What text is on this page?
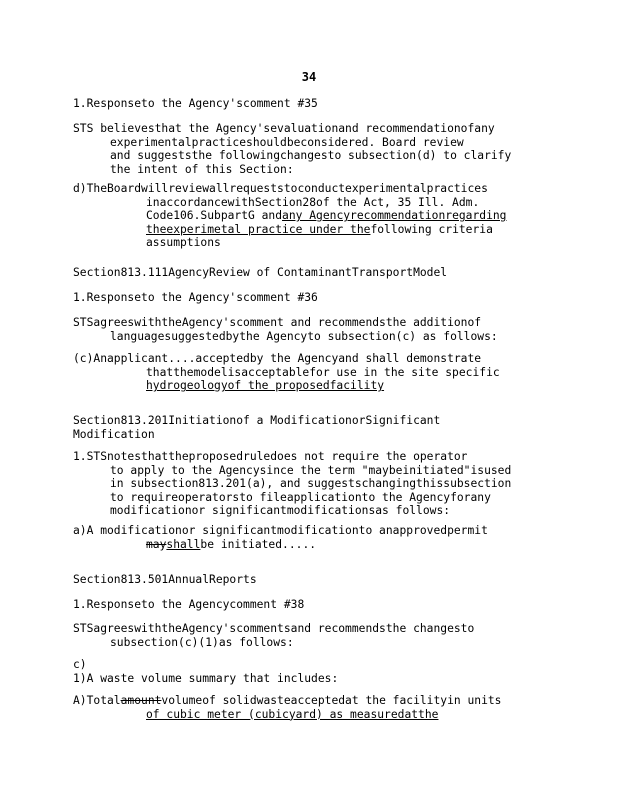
34
1.Responseto the Agency'scomment #35
STS believesthat the Agency'sevaluationand recommendationofany
experimentalpracticeshouldbeconsidered. Board review
and suggeststhe followingchangesto subsection(d) to clarify
the intent of this Section:
d)TheBoardwillreviewallrequeststoconductexperimentalpractices
inaccordancewithSection28of the Act, 35 Ill. Adm.
Code106.SubpartG andany Agencyrecommendationregarding
theexperimetal practice under thefollowing criteria
assumptions
Section813.111AgencyReview of ContaminantTransportModel
1.Responseto the Agency'scomment #36
STSagreeswiththeAgency'scomment and recommendsthe additionof
languagesuggestedbythe Agencyto subsection(c) as follows:
(c)Anapplicant....acceptedby the Agencyand shall demonstrate
thatthemodelisacceptablefor use in the site specific
hydrogeologyof the proposedfacility
Section813.201Initiationof a ModificationorSignificant
Modification
1.STSnotesthattheproposedruledoes not require the operator
to apply to the Agencysince the term "maybeinitiated"isused
in subsection813.201(a), and suggestschangingthissubsection
to requireoperatorsto fileapplicationto the Agencyforany
modificationor significantmodificationsas follows:
a)A modificationor significantmodificationto anapprovedpermit
mayshallbe initiated.....
Section813.501AnnualReports
1.Responseto the Agencycomment #38
STSagreeswiththeAgency'scommentsand recommendsthe changesto
subsection(c)(1)as follows:
c)
1)A waste volume summary that includes:
A)Totalamountvolumeof solidwasteacceptedat the facilityin units
of cubic meter (cubicyard) as measuredatthe
